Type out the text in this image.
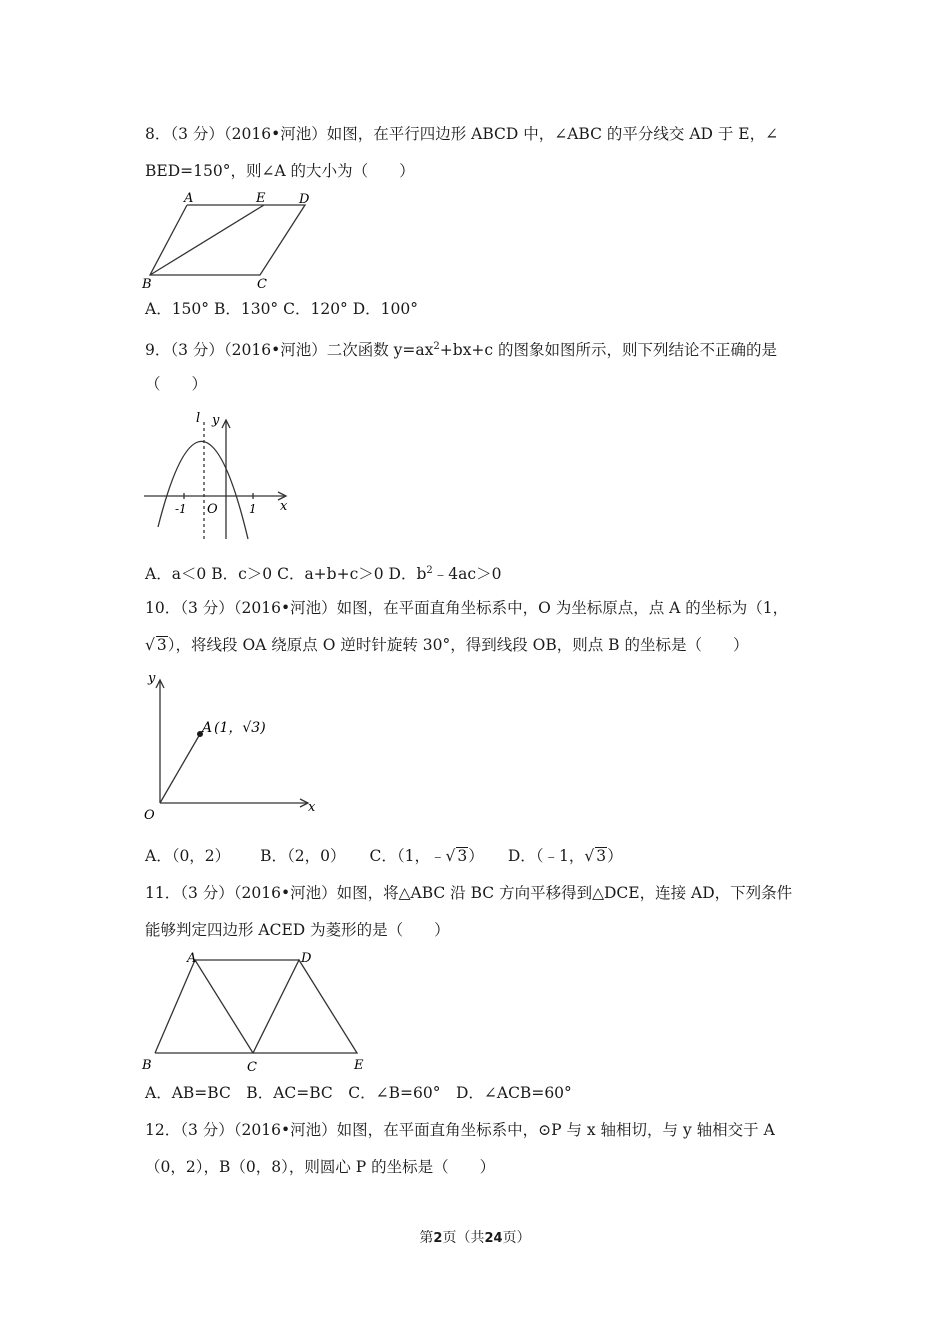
8．（3 分）（2016•河池）如图，在平行四边形 ABCD 中，∠ABC 的平分线交 AD 于 E，∠
BED=150°，则∠A 的大小为（　　）
A	E	D
B	C
A．150° B．130° C．120° D．100°
9．（3 分）（2016•河池）二次函数 $y=ax^2+bx+c$ 的图象如图所示，则下列结论不正确的是
（　　）
l y
-1 O	1 x
A．a＜0 B．c＞0 C．a+b+c＞0 D．$b^2﹣4ac>0$
10．（3 分）（2016•河池）如图，在平面直角坐标系中，O 为坐标原点，点 A 的坐标为（1，
√ 3），将线段 OA 绕原点 O 逆时针旋转 30°，得到线段 OB，则点 B 的坐标是（　　）
y
A (1，√3)
O
x
A．（0，2） B．（2，0） C．（1，﹣√ 3） D．（﹣1，√ 3）
11．（3 分）（2016•河池）如图，将△ABC 沿 BC 方向平移得到△DCE，连接 AD，下列条件
能够判定四边形 ACED 为菱形的是（　　）
A	D
B	C	E
A．AB=BC　B．AC=BC　C．∠B=60°　D．∠ACB=60°
12．（3 分）（2016•河池）如图，在平面直角坐标系中，⊙P 与 x 轴相切，与 y 轴相交于 A
（0，2），B（0，8），则圆心 P 的坐标是（　　）
第2页（共24页）
